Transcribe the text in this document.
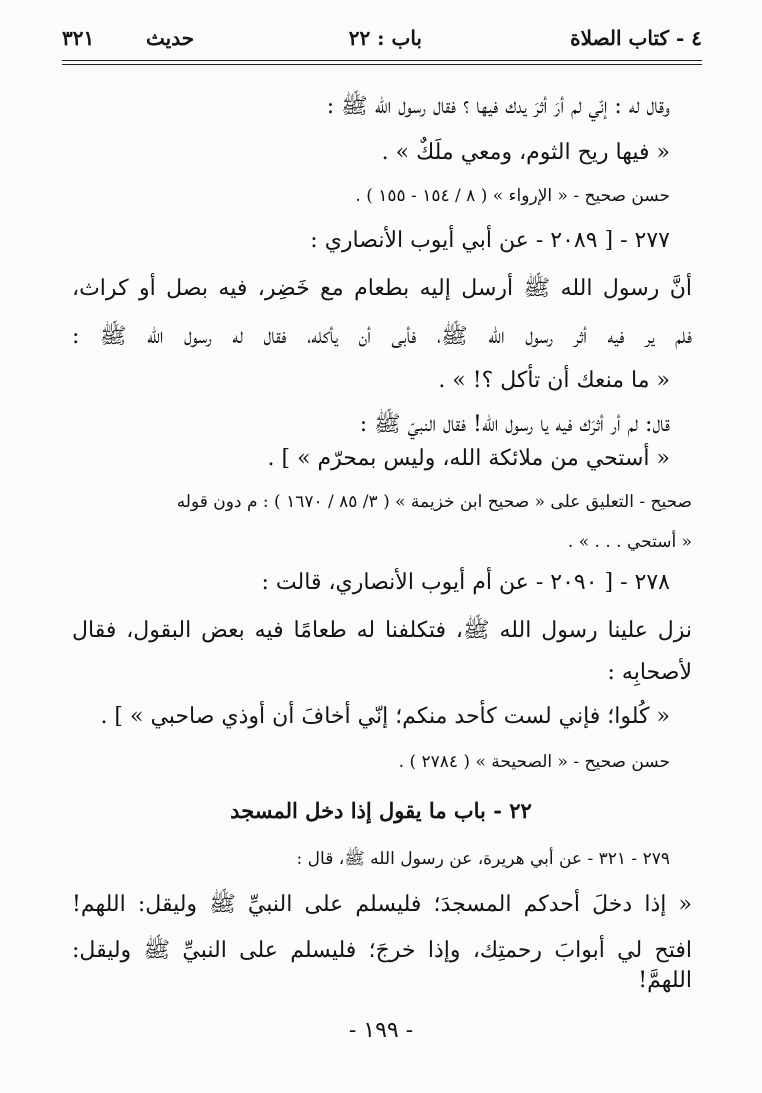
٤ - كتاب الصلاة
باب : ٢٢
حديث
٣٢١
وقال له : إنّي لم أرَ أثرَ يدك فيها ؟ فقال رسول الله ﷺ :
« فيها ريح الثوم، ومعي ملَكٌ » .
حسن صحيح - « الإرواء » ( ٨ / ١٥٤ - ١٥٥ ) .
٢٧٧ - [ ٢٠٨٩ - عن أبي أيوب الأنصاري :
أنَّ رسول الله ﷺ أرسل إليه بطعام مع خَضِر، فيه بصل أو كراث،
فلم ير فيه أثر رسول الله ﷺ، فأبى أن يأكله، فقال له رسول الله ﷺ :
« ما منعك أن تأكل ؟! » .
قال: لم أر أثرَك فيه يا رسول الله! فقال النبيّ ﷺ :
« أستحي من ملائكة الله، وليس بمحرّم » ] .
صحيح - التعليق على « صحيح ابن خزيمة » ( ٣/ ٨٥ / ١٦٧٠ ) : م دون قوله
« أستحي . . . » .
٢٧٨ - [ ٢٠٩٠ - عن أم أيوب الأنصاري، قالت :
نزل علينا رسول الله ﷺ، فتكلفنا له طعامًا فيه بعض البقول، فقال
لأصحابِه :
« كُلوا؛ فإني لست كأحد منكم؛ إنّي أخافَ أن أوذي صاحبي » ] .
حسن صحيح - « الصحيحة » ( ٢٧٨٤ ) .
٢٢ - باب ما يقول إذا دخل المسجد
٢٧٩ - ٣٢١ - عن أبي هريرة، عن رسول الله ﷺ، قال :
« إذا دخلَ أحدكم المسجدَ؛ فليسلم على النبيِّ ﷺ وليقل: اللهم!
افتح لي أبوابَ رحمتِك، وإذا خرجَ؛ فليسلم على النبيِّ ﷺ وليقل: اللهمَّ!
- ١٩٩ -
